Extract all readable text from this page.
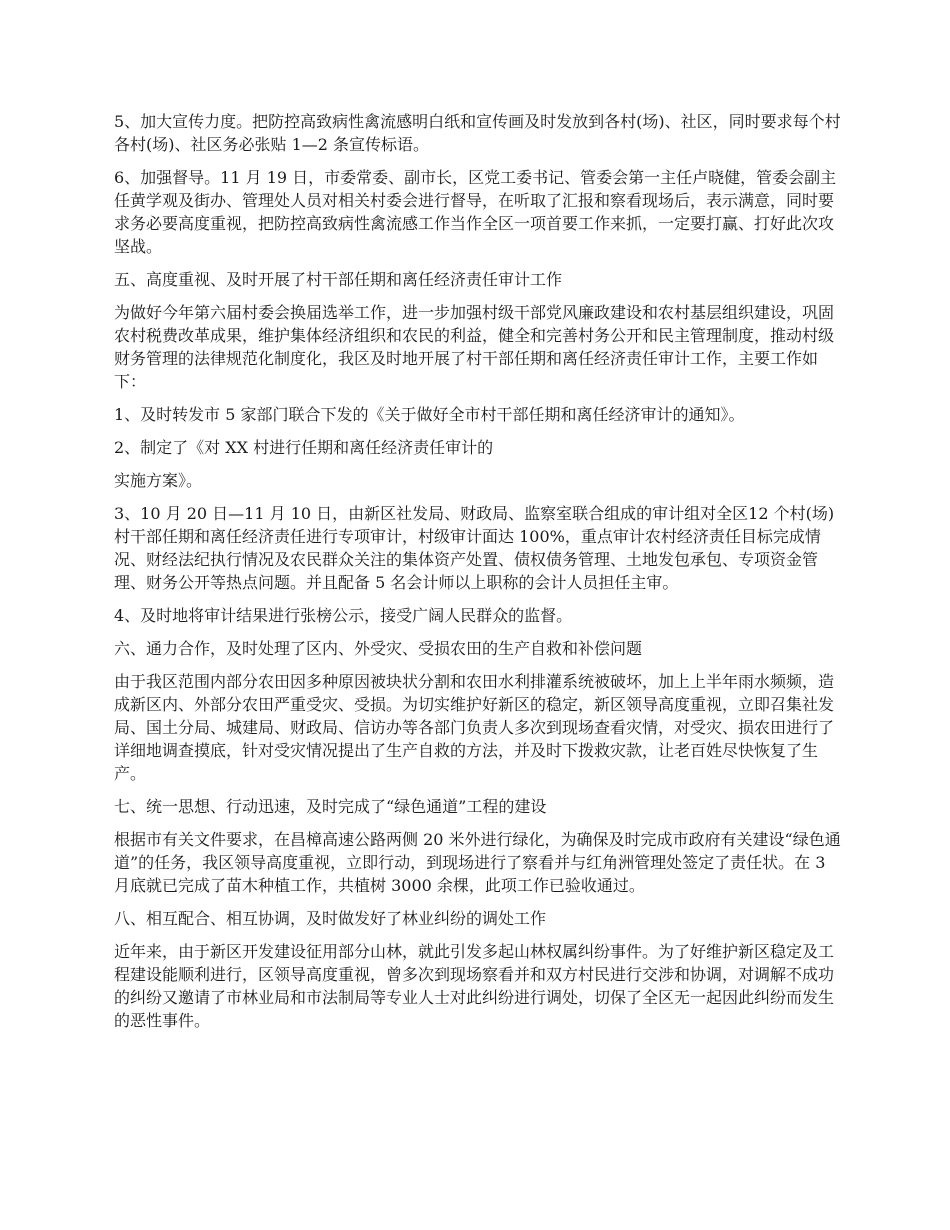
5、加大宣传力度。把防控高致病性禽流感明白纸和宣传画及时发放到各村(场)、社区，同时要求每个村各村(场)、社区务必张贴 1—2 条宣传标语。

6、加强督导。11 月 19 日，市委常委、副市长，区党工委书记、管委会第一主任卢晓健，管委会副主任黄学观及街办、管理处人员对相关村委会进行督导，在听取了汇报和察看现场后，表示满意，同时要求务必要高度重视，把防控高致病性禽流感工作当作全区一项首要工作来抓，一定要打赢、打好此次攻坚战。

五、高度重视、及时开展了村干部任期和离任经济责任审计工作

为做好今年第六届村委会换届选举工作，进一步加强村级干部党风廉政建设和农村基层组织建设，巩固农村税费改革成果，维护集体经济组织和农民的利益，健全和完善村务公开和民主管理制度，推动村级财务管理的法律规范化制度化，我区及时地开展了村干部任期和离任经济责任审计工作，主要工作如下：

1、及时转发市 5 家部门联合下发的《关于做好全市村干部任期和离任经济审计的通知》。

2、制定了《对 XX 村进行任期和离任经济责任审计的

实施方案》。

3、10 月 20 日—11 月 10 日，由新区社发局、财政局、监察室联合组成的审计组对全区12 个村(场)村干部任期和离任经济责任进行专项审计，村级审计面达 100%，重点审计农村经济责任目标完成情况、财经法纪执行情况及农民群众关注的集体资产处置、债权债务管理、土地发包承包、专项资金管理、财务公开等热点问题。并且配备 5 名会计师以上职称的会计人员担任主审。

4、及时地将审计结果进行张榜公示，接受广阔人民群众的监督。

六、通力合作，及时处理了区内、外受灾、受损农田的生产自救和补偿问题

由于我区范围内部分农田因多种原因被块状分割和农田水利排灌系统被破坏，加上上半年雨水频频，造成新区内、外部分农田严重受灾、受损。为切实维护好新区的稳定，新区领导高度重视，立即召集社发局、国土分局、城建局、财政局、信访办等各部门负责人多次到现场查看灾情，对受灾、损农田进行了详细地调查摸底，针对受灾情况提出了生产自救的方法，并及时下拨救灾款，让老百姓尽快恢复了生产。

七、统一思想、行动迅速，及时完成了“绿色通道”工程的建设

根据市有关文件要求，在昌樟高速公路两侧 20 米外进行绿化，为确保及时完成市政府有关建设“绿色通道”的任务，我区领导高度重视，立即行动，到现场进行了察看并与红角洲管理处签定了责任状。在 3 月底就已完成了苗木种植工作，共植树 3000 余棵，此项工作已验收通过。

八、相互配合、相互协调，及时做发好了林业纠纷的调处工作

近年来，由于新区开发建设征用部分山林，就此引发多起山林权属纠纷事件。为了好维护新区稳定及工程建设能顺利进行，区领导高度重视，曾多次到现场察看并和双方村民进行交涉和协调，对调解不成功的纠纷又邀请了市林业局和市法制局等专业人士对此纠纷进行调处，切保了全区无一起因此纠纷而发生的恶性事件。
